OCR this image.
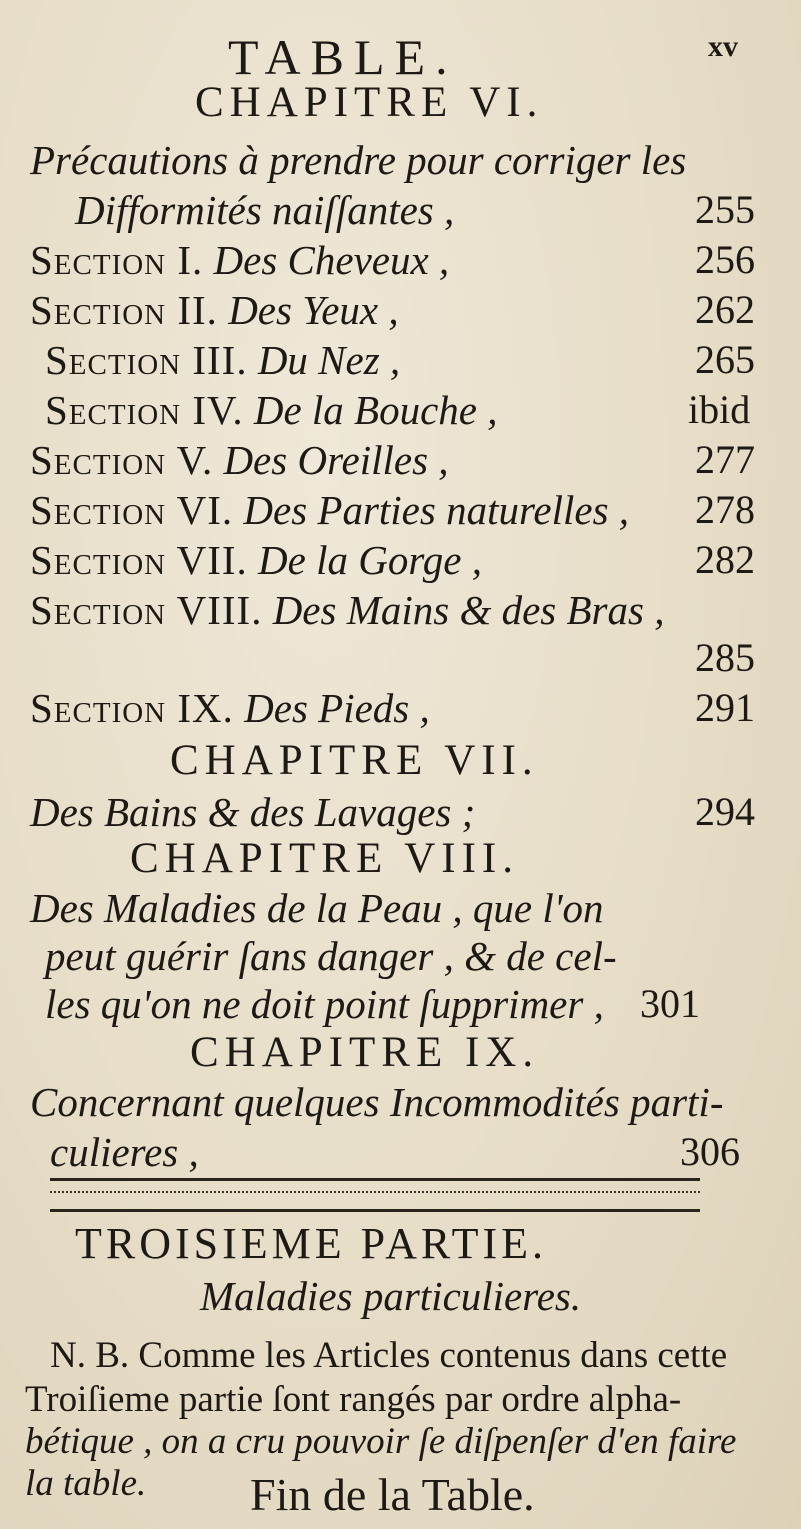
TABLE.	xv
CHAPITRE VI.
Précautions à prendre pour corriger les
Difformités naiſſantes ,	255
Section I. Des Cheveux ,	256
Section II. Des Yeux ,	262
Section III. Du Nez ,	265
Section IV. De la Bouche ,	ibid
Section V. Des Oreilles ,	277
Section VI. Des Parties naturelles , 278
Section VII. De la Gorge ,	282
Section VIII. Des Mains & des Bras ,
285
Section IX. Des Pieds ,	291
CHAPITRE VII.
Des Bains & des Lavages ;	294
CHAPITRE VIII.
Des Maladies de la Peau , que l'on
peut guérir ſans danger , & de cel-
les qu'on ne doit point ſupprimer , 301
CHAPITRE IX.
Concernant quelques Incommodités parti-
culieres ,	306
TROISIEME PARTIE.
Maladies particulieres.
N. B. Comme les Articles contenus dans cette
Troiſieme partie ſont rangés par ordre alpha-
bétique , on a cru pouvoir ſe diſpenſer d'en faire
la table. Fin de la Table.
